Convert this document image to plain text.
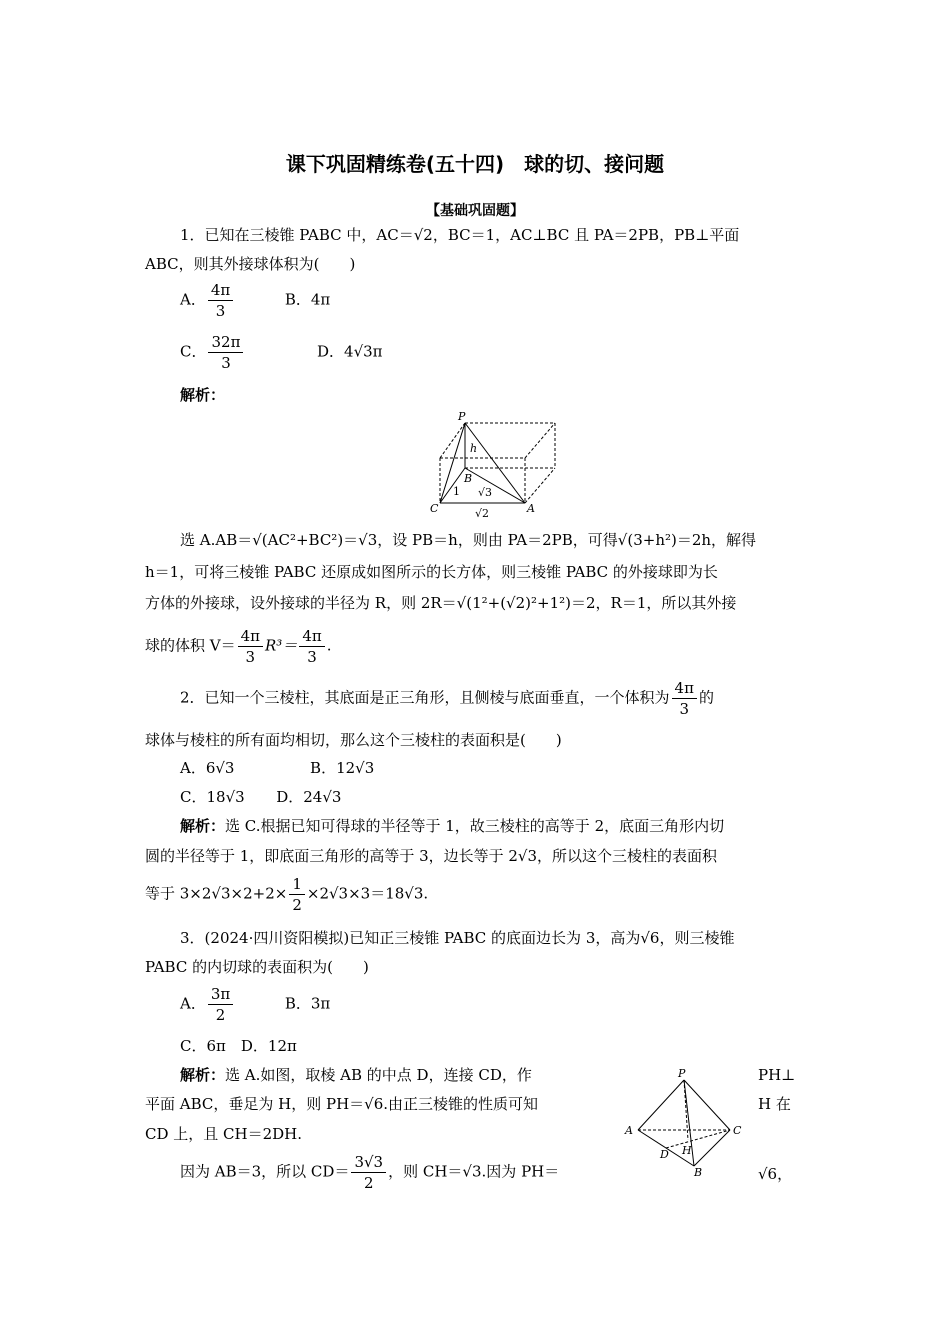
课下巩固精练卷(五十四)　球的切、接问题
【基础巩固题】
1．已知在三棱锥 PABC 中，AC＝√2，BC＝1，AC⊥BC 且 PA＝2PB，PB⊥平面
ABC，则其外接球体积为(　　)
A． $\frac{4\pi}{3}$	B．4π
C． $\frac{32\pi}{3}$	D．4√3π
解析：
P
h
B
1 √3
C	A
√2
选 A.AB＝√(AC²+BC²)＝√3，设 PB＝h，则由 PA＝2PB，可得√(3+h²)＝2h，解得
h＝1，可将三棱锥 PABC 还原成如图所示的长方体，则三棱锥 PABC 的外接球即为长
方体的外接球，设外接球的半径为 R，则 2R＝√(1²+(√2)²+1²)＝2，R＝1，所以其外接
球的体积 $V= \frac{4\pi}{3} R^3= \frac{4\pi}{3}$ .
2．已知一个三棱柱，其底面是正三角形，且侧棱与底面垂直，一个体积为 $\frac{4\pi}{3}$ 的
球体与棱柱的所有面均相切，那么这个三棱柱的表面积是(　　)
A．6√3	B．12√3
C．18√3 D．24√3
解析：选 C.根据已知可得球的半径等于 1，故三棱柱的高等于 2，底面三角形内切
圆的半径等于 1，即底面三角形的高等于 3，边长等于 2√3，所以这个三棱柱的表面积
等于 $3\times 2√3\times 2+2\times \frac{1}{2} \times 2√3\times 3=18√3$.
3．(2024·四川资阳模拟)已知正三棱锥 PABC 的底面边长为 3，高为√6，则三棱锥
PABC 的内切球的表面积为(　　)
A． $\frac{3\pi}{2}$	B．3π
C．6π　D．12π
解析：选 A.如图，取棱 AB 的中点 D，连接 CD，作	PH⊥
平面 ABC，垂足为 H，则 PH＝√6.由正三棱锥的性质可知	H 在
CD 上，且 CH＝2DH.
因为 AB＝3，所以 $CD= \frac{3√3}{2}$ ，则 CH＝√3.因为 PH＝	√6，
P
A	C
D H
B
